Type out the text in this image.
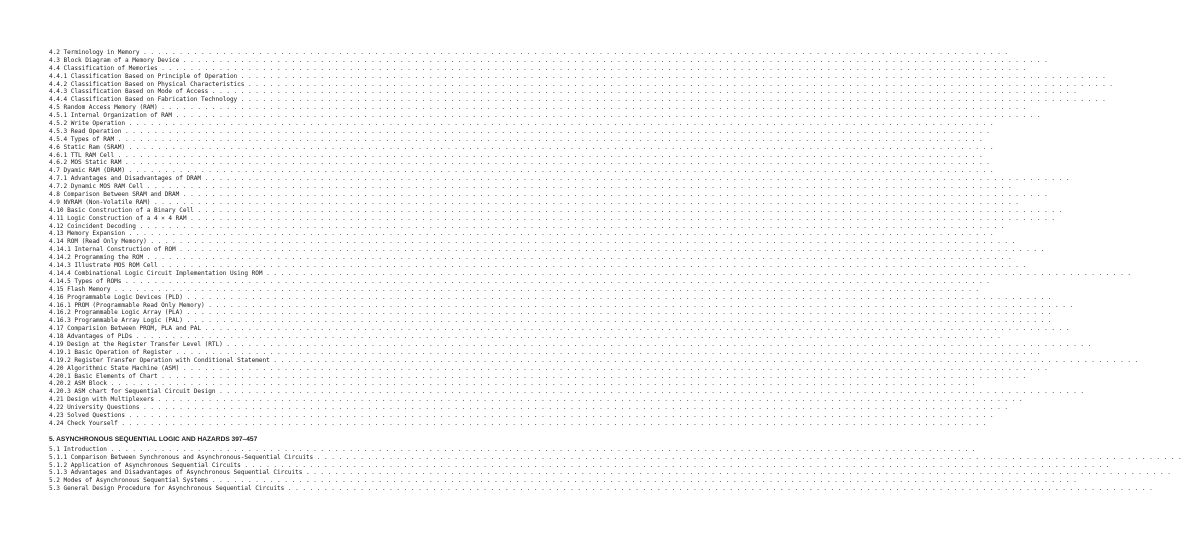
4.2 Terminology in Memory . . . . . . . . . . . . . . . . . . . . . . . . . . . . . . . . . . . . . . . . . . . . . . . . . . . . . . . . . . . . . . . . . . . . . . . . . . . . . . . . . . . . . . . . . . . . . . . . . . . . . . . . . . . . . . . . . . . . . . . .
4.3 Block Diagram of a Memory Device . . . . . . . . . . . . . . . . . . . . . . . . . . . . . . . . . . . . . . . . . . . . . . . . . . . . . . . . . . . . . . . . . . . . . . . . . . . . . . . . . . . . . . . . . . . . . . . . . . . . . . . . . . . . . . . . . . . . . . . .
4.4 Classification of Memories . . . . . . . . . . . . . . . . . . . . . . . . . . . . . . . . . . . . . . . . . . . . . . . . . . . . . . . . . . . . . . . . . . . . . . . . . . . . . . . . . . . . . . . . . . . . . . . . . . . . . . . . . . . . . . . . . . . . . . . .
4.4.1 Classification Based on Principle of Operation . . . . . . . . . . . . . . . . . . . . . . . . . . . . . . . . . . . . . . . . . . . . . . . . . . . . . . . . . . . . . . . . . . . . . . . . . . . . . . . . . . . . . . . . . . . . . . . . . . . . . . . . . . . . . . . . . . . . . . . .
4.4.2 Classification Based on Physical Characteristics . . . . . . . . . . . . . . . . . . . . . . . . . . . . . . . . . . . . . . . . . . . . . . . . . . . . . . . . . . . . . . . . . . . . . . . . . . . . . . . . . . . . . . . . . . . . . . . . . . . . . . . . . . . . . . . . . . . . . . . .
4.4.3 Classification Based on Mode of Access . . . . . . . . . . . . . . . . . . . . . . . . . . . . . . . . . . . . . . . . . . . . . . . . . . . . . . . . . . . . . . . . . . . . . . . . . . . . . . . . . . . . . . . . . . . . . . . . . . . . . . . . . . . . . . . . . . . . . . . .
4.4.4 Classification Based on Fabrication Technology . . . . . . . . . . . . . . . . . . . . . . . . . . . . . . . . . . . . . . . . . . . . . . . . . . . . . . . . . . . . . . . . . . . . . . . . . . . . . . . . . . . . . . . . . . . . . . . . . . . . . . . . . . . . . . . . . . . . . . . .
4.5 Random Access Memory (RAM) . . . . . . . . . . . . . . . . . . . . . . . . . . . . . . . . . . . . . . . . . . . . . . . . . . . . . . . . . . . . . . . . . . . . . . . . . . . . . . . . . . . . . . . . . . . . . . . . . . . . . . . . . . . . . . . . . . . . . . . .
4.5.1 Internal Organization of RAM . . . . . . . . . . . . . . . . . . . . . . . . . . . . . . . . . . . . . . . . . . . . . . . . . . . . . . . . . . . . . . . . . . . . . . . . . . . . . . . . . . . . . . . . . . . . . . . . . . . . . . . . . . . . . . . . . . . . . . . .
4.5.2 Write Operation . . . . . . . . . . . . . . . . . . . . . . . . . . . . . . . . . . . . . . . . . . . . . . . . . . . . . . . . . . . . . . . . . . . . . . . . . . . . . . . . . . . . . . . . . . . . . . . . . . . . . . . . . . . . . . . . . . . . . . . .
4.5.3 Read Operation . . . . . . . . . . . . . . . . . . . . . . . . . . . . . . . . . . . . . . . . . . . . . . . . . . . . . . . . . . . . . . . . . . . . . . . . . . . . . . . . . . . . . . . . . . . . . . . . . . . . . . . . . . . . . . . . . . . . . . . .
4.5.4 Types of RAM . . . . . . . . . . . . . . . . . . . . . . . . . . . . . . . . . . . . . . . . . . . . . . . . . . . . . . . . . . . . . . . . . . . . . . . . . . . . . . . . . . . . . . . . . . . . . . . . . . . . . . . . . . . . . . . . . . . . . . . .
4.6 Static Ram (SRAM) . . . . . . . . . . . . . . . . . . . . . . . . . . . . . . . . . . . . . . . . . . . . . . . . . . . . . . . . . . . . . . . . . . . . . . . . . . . . . . . . . . . . . . . . . . . . . . . . . . . . . . . . . . . . . . . . . . . . . . . .
4.6.1 TTL RAM Cell . . . . . . . . . . . . . . . . . . . . . . . . . . . . . . . . . . . . . . . . . . . . . . . . . . . . . . . . . . . . . . . . . . . . . . . . . . . . . . . . . . . . . . . . . . . . . . . . . . . . . . . . . . . . . . . . . . . . . . . .
4.6.2 MOS Static RAM . . . . . . . . . . . . . . . . . . . . . . . . . . . . . . . . . . . . . . . . . . . . . . . . . . . . . . . . . . . . . . . . . . . . . . . . . . . . . . . . . . . . . . . . . . . . . . . . . . . . . . . . . . . . . . . . . . . . . . . .
4.7 Dyamic RAM (DRAM) . . . . . . . . . . . . . . . . . . . . . . . . . . . . . . . . . . . . . . . . . . . . . . . . . . . . . . . . . . . . . . . . . . . . . . . . . . . . . . . . . . . . . . . . . . . . . . . . . . . . . . . . . . . . . . . . . . . . . . . .
4.7.1 Advantages and Disadvantages of DRAM . . . . . . . . . . . . . . . . . . . . . . . . . . . . . . . . . . . . . . . . . . . . . . . . . . . . . . . . . . . . . . . . . . . . . . . . . . . . . . . . . . . . . . . . . . . . . . . . . . . . . . . . . . . . . . . . . . . . . . . .
4.7.2 Dynamic MOS RAM Cell . . . . . . . . . . . . . . . . . . . . . . . . . . . . . . . . . . . . . . . . . . . . . . . . . . . . . . . . . . . . . . . . . . . . . . . . . . . . . . . . . . . . . . . . . . . . . . . . . . . . . . . . . . . . . . . . . . . . . . . .
4.8 Comparison Between SRAM and DRAM . . . . . . . . . . . . . . . . . . . . . . . . . . . . . . . . . . . . . . . . . . . . . . . . . . . . . . . . . . . . . . . . . . . . . . . . . . . . . . . . . . . . . . . . . . . . . . . . . . . . . . . . . . . . . . . . . . . . . . . .
4.9 NVRAM (Non-Volatile RAM) . . . . . . . . . . . . . . . . . . . . . . . . . . . . . . . . . . . . . . . . . . . . . . . . . . . . . . . . . . . . . . . . . . . . . . . . . . . . . . . . . . . . . . . . . . . . . . . . . . . . . . . . . . . . . . . . . . . . . . . .
4.10 Basic Construction of a Binary Cell . . . . . . . . . . . . . . . . . . . . . . . . . . . . . . . . . . . . . . . . . . . . . . . . . . . . . . . . . . . . . . . . . . . . . . . . . . . . . . . . . . . . . . . . . . . . . . . . . . . . . . . . . . . . . . . . . . . . . . . .
4.11 Logic Construction of a 4 × 4 RAM . . . . . . . . . . . . . . . . . . . . . . . . . . . . . . . . . . . . . . . . . . . . . . . . . . . . . . . . . . . . . . . . . . . . . . . . . . . . . . . . . . . . . . . . . . . . . . . . . . . . . . . . . . . . . . . . . . . . . . . .
4.12 Coincident Decoding . . . . . . . . . . . . . . . . . . . . . . . . . . . . . . . . . . . . . . . . . . . . . . . . . . . . . . . . . . . . . . . . . . . . . . . . . . . . . . . . . . . . . . . . . . . . . . . . . . . . . . . . . . . . . . . . . . . . . . . .
4.13 Memory Expansion . . . . . . . . . . . . . . . . . . . . . . . . . . . . . . . . . . . . . . . . . . . . . . . . . . . . . . . . . . . . . . . . . . . . . . . . . . . . . . . . . . . . . . . . . . . . . . . . . . . . . . . . . . . . . . . . . . . . . . . .
4.14 ROM (Read Only Memory) . . . . . . . . . . . . . . . . . . . . . . . . . . . . . . . . . . . . . . . . . . . . . . . . . . . . . . . . . . . . . . . . . . . . . . . . . . . . . . . . . . . . . . . . . . . . . . . . . . . . . . . . . . . . . . . . . . . . . . . .
4.14.1 Internal Construction of ROM . . . . . . . . . . . . . . . . . . . . . . . . . . . . . . . . . . . . . . . . . . . . . . . . . . . . . . . . . . . . . . . . . . . . . . . . . . . . . . . . . . . . . . . . . . . . . . . . . . . . . . . . . . . . . . . . . . . . . . . .
4.14.2 Programming the ROM . . . . . . . . . . . . . . . . . . . . . . . . . . . . . . . . . . . . . . . . . . . . . . . . . . . . . . . . . . . . . . . . . . . . . . . . . . . . . . . . . . . . . . . . . . . . . . . . . . . . . . . . . . . . . . . . . . . . . . . .
4.14.3 Illustrate MOS ROM Cell . . . . . . . . . . . . . . . . . . . . . . . . . . . . . . . . . . . . . . . . . . . . . . . . . . . . . . . . . . . . . . . . . . . . . . . . . . . . . . . . . . . . . . . . . . . . . . . . . . . . . . . . . . . . . . . . . . . . . . . .
4.14.4 Combinational Logic Circuit Implementation Using ROM . . . . . . . . . . . . . . . . . . . . . . . . . . . . . . . . . . . . . . . . . . . . . . . . . . . . . . . . . . . . . . . . . . . . . . . . . . . . . . . . . . . . . . . . . . . . . . . . . . . . . . . . . . . . . . . . . . . . . . . .
4.14.5 Types of ROMs . . . . . . . . . . . . . . . . . . . . . . . . . . . . . . . . . . . . . . . . . . . . . . . . . . . . . . . . . . . . . . . . . . . . . . . . . . . . . . . . . . . . . . . . . . . . . . . . . . . . . . . . . . . . . . . . . . . . . . . .
4.15 Flash Memory . . . . . . . . . . . . . . . . . . . . . . . . . . . . . . . . . . . . . . . . . . . . . . . . . . . . . . . . . . . . . . . . . . . . . . . . . . . . . . . . . . . . . . . . . . . . . . . . . . . . . . . . . . . . . . . . . . . . . . . .
4.16 Programmable Logic Devices (PLD) . . . . . . . . . . . . . . . . . . . . . . . . . . . . . . . . . . . . . . . . . . . . . . . . . . . . . . . . . . . . . . . . . . . . . . . . . . . . . . . . . . . . . . . . . . . . . . . . . . . . . . . . . . . . . . . . . . . . . . . .
4.16.1 PROM (Programmable Read Only Memory) . . . . . . . . . . . . . . . . . . . . . . . . . . . . . . . . . . . . . . . . . . . . . . . . . . . . . . . . . . . . . . . . . . . . . . . . . . . . . . . . . . . . . . . . . . . . . . . . . . . . . . . . . . . . . . . . . . . . . . . .
4.16.2 Programmable Logic Array (PLA) . . . . . . . . . . . . . . . . . . . . . . . . . . . . . . . . . . . . . . . . . . . . . . . . . . . . . . . . . . . . . . . . . . . . . . . . . . . . . . . . . . . . . . . . . . . . . . . . . . . . . . . . . . . . . . . . . . . . . . . .
4.16.3 Programmable Array Logic (PAL) . . . . . . . . . . . . . . . . . . . . . . . . . . . . . . . . . . . . . . . . . . . . . . . . . . . . . . . . . . . . . . . . . . . . . . . . . . . . . . . . . . . . . . . . . . . . . . . . . . . . . . . . . . . . . . . . . . . . . . . .
4.17 Comparision Between PROM, PLA and PAL . . . . . . . . . . . . . . . . . . . . . . . . . . . . . . . . . . . . . . . . . . . . . . . . . . . . . . . . . . . . . . . . . . . . . . . . . . . . . . . . . . . . . . . . . . . . . . . . . . . . . . . . . . . . . . . . . . . . . . . .
4.18 Advantages of PLDs . . . . . . . . . . . . . . . . . . . . . . . . . . . . . . . . . . . . . . . . . . . . . . . . . . . . . . . . . . . . . . . . . . . . . . . . . . . . . . . . . . . . . . . . . . . . . . . . . . . . . . . . . . . . . . . . . . . . . . . .
4.19 Design at the Register Transfer Level (RTL) . . . . . . . . . . . . . . . . . . . . . . . . . . . . . . . . . . . . . . . . . . . . . . . . . . . . . . . . . . . . . . . . . . . . . . . . . . . . . . . . . . . . . . . . . . . . . . . . . . . . . . . . . . . . . . . . . . . . . . . .
4.19.1 Basic Operation of Register . . . . . . . . . . . . . . . . . . . . . . . . . . . . . . . . . . . . . . . . . . . . . . . . . . . . . . . . . . . . . . . . . . . . . . . . . . . . . . . . . . . . . . . . . . . . . . . . . . . . . . . . . . . . . . . . . . . . . . . .
4.19.2 Register Transfer Operation with Conditional Statement . . . . . . . . . . . . . . . . . . . . . . . . . . . . . . . . . . . . . . . . . . . . . . . . . . . . . . . . . . . . . . . . . . . . . . . . . . . . . . . . . . . . . . . . . . . . . . . . . . . . . . . . . . . . . . . . . . . . . . . .
4.20 Algorithmic State Machine (ASM) . . . . . . . . . . . . . . . . . . . . . . . . . . . . . . . . . . . . . . . . . . . . . . . . . . . . . . . . . . . . . . . . . . . . . . . . . . . . . . . . . . . . . . . . . . . . . . . . . . . . . . . . . . . . . . . . . . . . . . . .
4.20.1 Basic Elements of Chart . . . . . . . . . . . . . . . . . . . . . . . . . . . . . . . . . . . . . . . . . . . . . . . . . . . . . . . . . . . . . . . . . . . . . . . . . . . . . . . . . . . . . . . . . . . . . . . . . . . . . . . . . . . . . . . . . . . . . . . .
4.20.2 ASM Block . . . . . . . . . . . . . . . . . . . . . . . . . . . . . . . . . . . . . . . . . . . . . . . . . . . . . . . . . . . . . . . . . . . . . . . . . . . . . . . . . . . . . . . . . . . . . . . . . . . . . . . . . . . . . . . . . . . . . . . .
4.20.3 ASM chart for Sequential Circuit Design . . . . . . . . . . . . . . . . . . . . . . . . . . . . . . . . . . . . . . . . . . . . . . . . . . . . . . . . . . . . . . . . . . . . . . . . . . . . . . . . . . . . . . . . . . . . . . . . . . . . . . . . . . . . . . . . . . . . . . . .
4.21 Design with Multiplexers . . . . . . . . . . . . . . . . . . . . . . . . . . . . . . . . . . . . . . . . . . . . . . . . . . . . . . . . . . . . . . . . . . . . . . . . . . . . . . . . . . . . . . . . . . . . . . . . . . . . . . . . . . . . . . . . . . . . . . . .
4.22 University Questions . . . . . . . . . . . . . . . . . . . . . . . . . . . . . . . . . . . . . . . . . . . . . . . . . . . . . . . . . . . . . . . . . . . . . . . . . . . . . . . . . . . . . . . . . . . . . . . . . . . . . . . . . . . . . . . . . . . . . . . .
4.23 Solved Questions . . . . . . . . . . . . . . . . . . . . . . . . . . . . . . . . . . . . . . . . . . . . . . . . . . . . . . . . . . . . . . . . . . . . . . . . . . . . . . . . . . . . . . . . . . . . . . . . . . . . . . . . . . . . . . . . . . . . . . . .
4.24 Check Yourself . . . . . . . . . . . . . . . . . . . . . . . . . . . . . . . . . . . . . . . . . . . . . . . . . . . . . . . . . . . . . . . . . . . . . . . . . . . . . . . . . . . . . . . . . . . . . . . . . . . . . . . . . . . . . . . . . . . . . . . .
5. ASYNCHRONOUS SEQUENTIAL LOGIC AND HAZARDS 397–457
5.1 Introduction . . . . . . . . . . . . . . . . . . . . . . . . . . . . . . . . . . . . . . . . . . . . . . . . . . . . . . . . . . . . . . . . . . . . . . . . . . . . . . . . . . . . . . . . . . . . . . . . . . . . . . . . . . . . . . . . . . . . . . . .
5.1.1 Comparison Between Synchronous and Asynchronous-Sequential Circuits . . . . . . . . . . . . . . . . . . . . . . . . . . . . . . . . . . . . . . . . . . . . . . . . . . . . . . . . . . . . . . . . . . . . . . . . . . . . . . . . . . . . . . . . . . . . . . . . . . . . . . . . . . . . . . . . . . . . . . . .
5.1.2 Application of Asynchronous Sequential Circuits . . . . . . . . . . . . . . . . . . . . . . . . . . . . . . . . . . . . . . . . . . . . . . . . . . . . . . . . . . . . . . . . . . . . . . . . . . . . . . . . . . . . . . . . . . . . . . . . . . . . . . . . . . . . . . . . . . . . . . . .
5.1.3 Advantages and Disadvantages of Asynchronous Sequential Circuits . . . . . . . . . . . . . . . . . . . . . . . . . . . . . . . . . . . . . . . . . . . . . . . . . . . . . . . . . . . . . . . . . . . . . . . . . . . . . . . . . . . . . . . . . . . . . . . . . . . . . . . . . . . . . . . . . . . . . . . .
5.2 Modes of Asynchronous Sequential Systems . . . . . . . . . . . . . . . . . . . . . . . . . . . . . . . . . . . . . . . . . . . . . . . . . . . . . . . . . . . . . . . . . . . . . . . . . . . . . . . . . . . . . . . . . . . . . . . . . . . . . . . . . . . . . . . . . . . . . . . .
5.3 General Design Procedure for Asynchronous Sequential Circuits . . . . . . . . . . . . . . . . . . . . . . . . . . . . . . . . . . . . . . . . . . . . . . . . . . . . . . . . . . . . . . . . . . . . . . . . . . . . . . . . . . . . . . . . . . . . . . . . . . . . . . . . . . . . . . . . . . . . . . . .
